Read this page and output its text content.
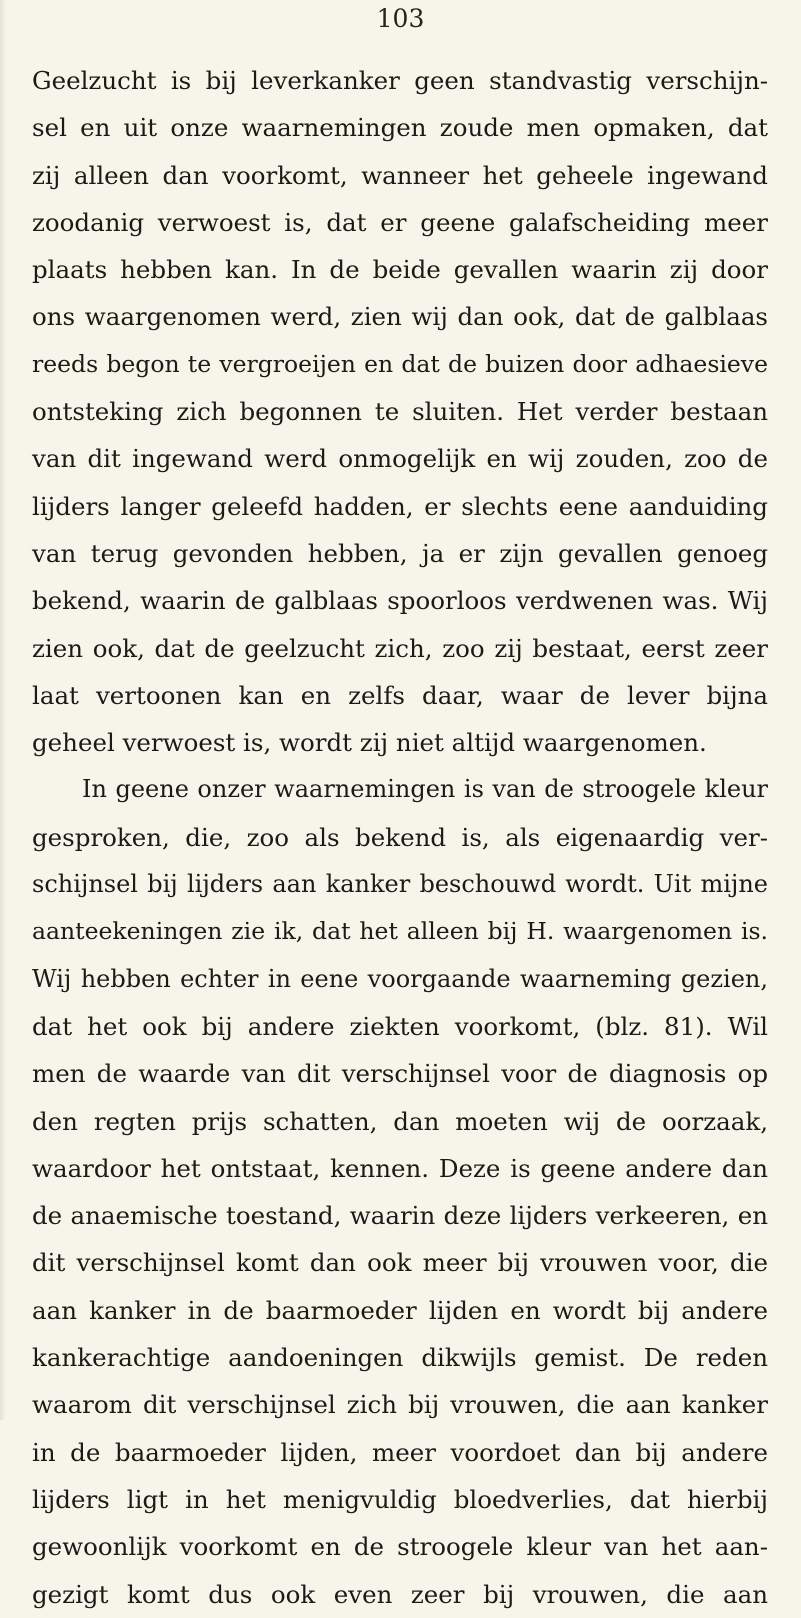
103
Geelzucht is bij leverkanker geen standvastig verschijn-
sel en uit onze waarnemingen zoude men opmaken, dat
zij alleen dan voorkomt, wanneer het geheele ingewand
zoodanig verwoest is, dat er geene galafscheiding meer
plaats hebben kan. In de beide gevallen waarin zij door
ons waargenomen werd, zien wij dan ook, dat de galblaas
reeds begon te vergroeijen en dat de buizen door adhaesieve
ontsteking zich begonnen te sluiten. Het verder bestaan
van dit ingewand werd onmogelijk en wij zouden, zoo de
lijders langer geleefd hadden, er slechts eene aanduiding
van terug gevonden hebben, ja er zijn gevallen genoeg
bekend, waarin de galblaas spoorloos verdwenen was. Wij
zien ook, dat de geelzucht zich, zoo zij bestaat, eerst zeer
laat vertoonen kan en zelfs daar, waar de lever bijna
geheel verwoest is, wordt zij niet altijd waargenomen.
In geene onzer waarnemingen is van de stroogele kleur
gesproken, die, zoo als bekend is, als eigenaardig ver-
schijnsel bij lijders aan kanker beschouwd wordt. Uit mijne
aanteekeningen zie ik, dat het alleen bij H. waargenomen is.
Wij hebben echter in eene voorgaande waarneming gezien,
dat het ook bij andere ziekten voorkomt, (blz. 81). Wil
men de waarde van dit verschijnsel voor de diagnosis op
den regten prijs schatten, dan moeten wij de oorzaak,
waardoor het ontstaat, kennen. Deze is geene andere dan
de anaemische toestand, waarin deze lijders verkeeren, en
dit verschijnsel komt dan ook meer bij vrouwen voor, die
aan kanker in de baarmoeder lijden en wordt bij andere
kankerachtige aandoeningen dikwijls gemist. De reden
waarom dit verschijnsel zich bij vrouwen, die aan kanker
in de baarmoeder lijden, meer voordoet dan bij andere
lijders ligt in het menigvuldig bloedverlies, dat hierbij
gewoonlijk voorkomt en de stroogele kleur van het aan-
gezigt komt dus ook even zeer bij vrouwen, die aan
